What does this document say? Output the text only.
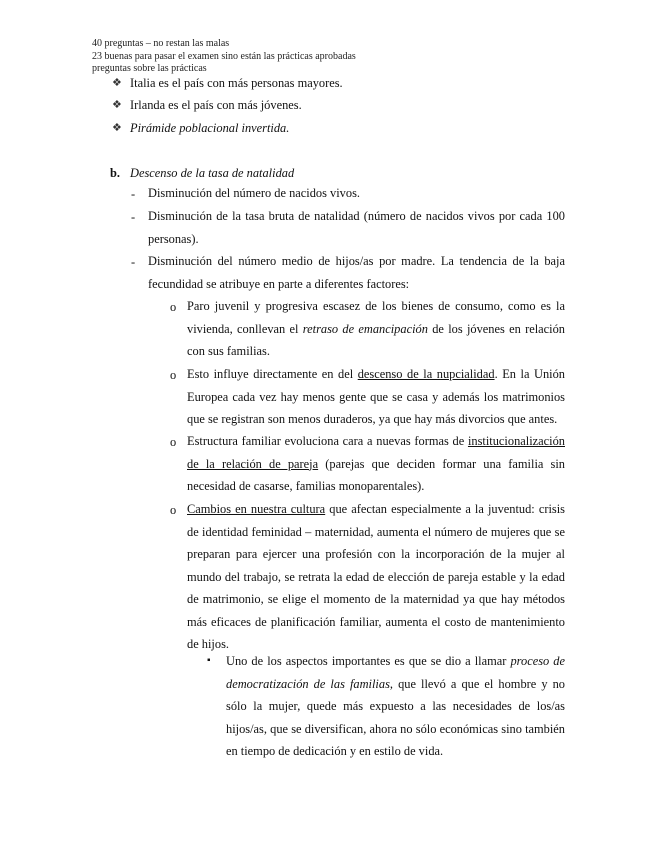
40 preguntas – no restan las malas
23 buenas para pasar el examen sino están las prácticas aprobadas
preguntas sobre las prácticas
❖ Italia es el país con más personas mayores.
❖ Irlanda es el país con más jóvenes.
❖ Pirámide poblacional invertida.
b. Descenso de la tasa de natalidad
- Disminución del número de nacidos vivos.
- Disminución de la tasa bruta de natalidad (número de nacidos vivos por cada 100 personas).
- Disminución del número medio de hijos/as por madre. La tendencia de la baja fecundidad se atribuye en parte a diferentes factores:
o Paro juvenil y progresiva escasez de los bienes de consumo, como es la vivienda, conllevan el retraso de emancipación de los jóvenes en relación con sus familias.
o Esto influye directamente en del descenso de la nupcialidad. En la Unión Europea cada vez hay menos gente que se casa y además los matrimonios que se registran son menos duraderos, ya que hay más divorcios que antes.
o Estructura familiar evoluciona cara a nuevas formas de institucionalización de la relación de pareja (parejas que deciden formar una familia sin necesidad de casarse, familias monoparentales).
o Cambios en nuestra cultura que afectan especialmente a la juventud: crisis de identidad feminidad – maternidad, aumenta el número de mujeres que se preparan para ejercer una profesión con la incorporación de la mujer al mundo del trabajo, se retrata la edad de elección de pareja estable y la edad de matrimonio, se elige el momento de la maternidad ya que hay métodos más eficaces de planificación familiar, aumenta el costo de mantenimiento de hijos.
▪ Uno de los aspectos importantes es que se dio a llamar proceso de democratización de las familias, que llevó a que el hombre y no sólo la mujer, quede más expuesto a las necesidades de los/as hijos/as, que se diversifican, ahora no sólo económicas sino también en tiempo de dedicación y en estilo de vida.
